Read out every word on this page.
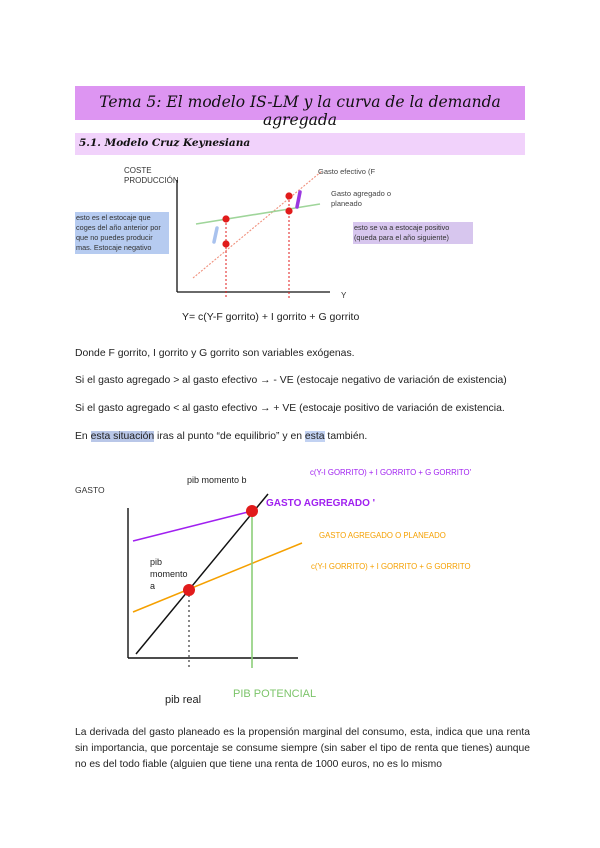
Tema 5: El modelo IS-LM y la curva de la demanda agregada
5.1. Modelo Cruz Keynesiana
COSTE
PRODUCCIÓN
Y
Gasto efectivo (F
Gasto agregado o
planeado
esto es el estocaje que coges del año anterior por que no puedes producir mas. Estocaje negativo
esto se va a estocaje positivo (queda para el año siguiente)
Y= c(Y-F gorrito) + I gorrito + G gorrito
Donde F gorrito, I gorrito y G gorrito son variables exógenas.
Si el gasto agregado > al gasto efectivo → - VE (estocaje negativo de variación de existencia)
Si el gasto agregado < al gasto efectivo → + VE (estocaje positivo de variación de existencia.
En esta situación iras al punto “de equilibrio” y en esta también.
GASTO
pib momento b
pib
momento
a
c(Y-I GORRITO) + I GORRITO + G GORRITO'
GASTO AGREGRADO '
GASTO AGREGADO O PLANEADO
c(Y-I GORRITO) + I GORRITO + G GORRITO
pib real	PIB POTENCIAL
La derivada del gasto planeado es la propensión marginal del consumo, esta, indica que una renta sin importancia, que porcentaje se consume siempre (sin saber el tipo de renta que tienes) aunque no es del todo fiable (alguien que tiene una renta de 1000 euros, no es lo mismo
